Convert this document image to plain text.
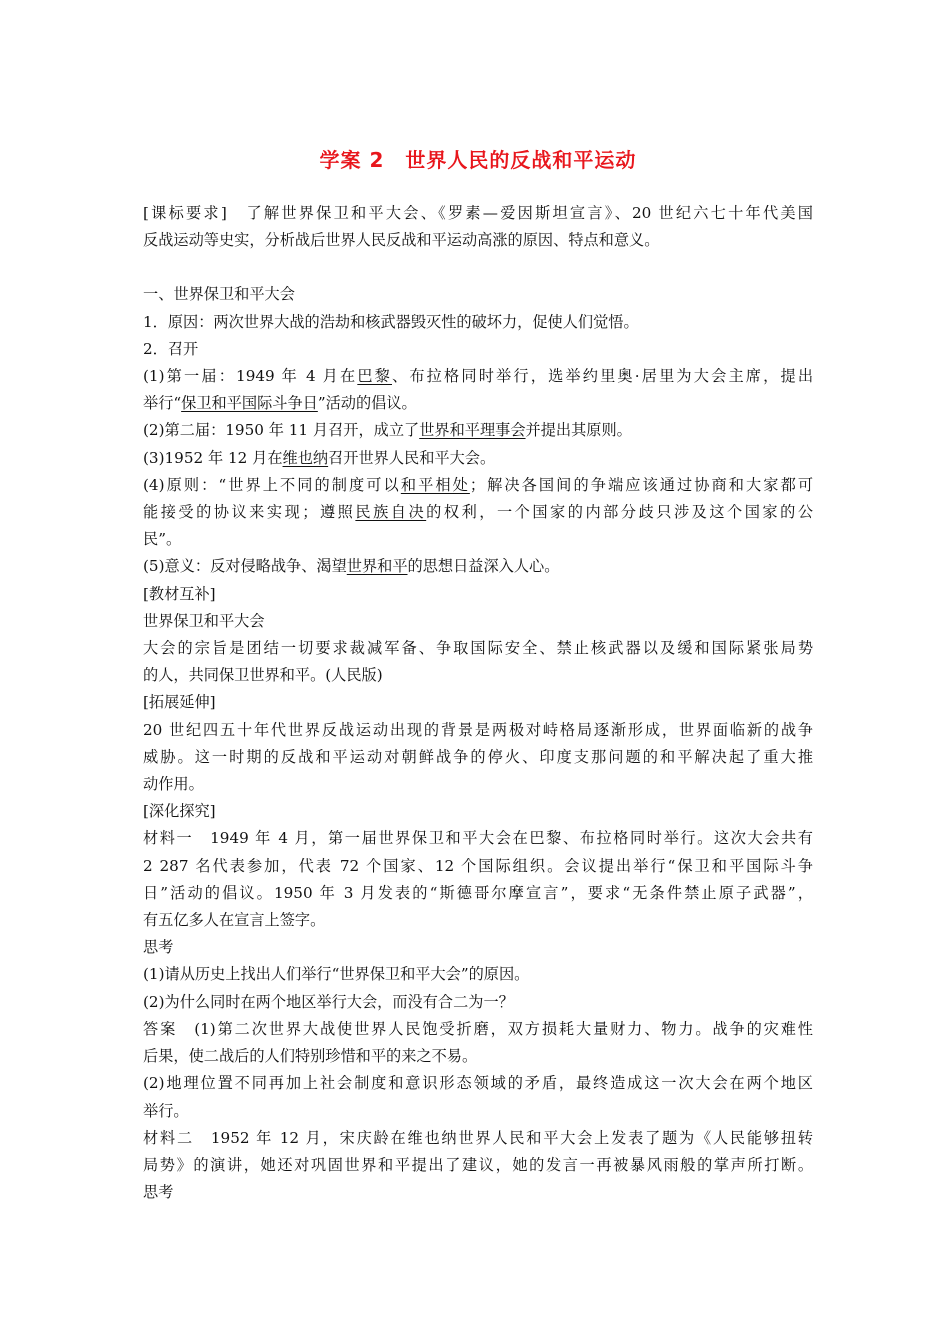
学案 2　世界人民的反战和平运动
[课标要求]　了解世界保卫和平大会、《罗素—爱因斯坦宣言》、20 世纪六七十年代美国
反战运动等史实，分析战后世界人民反战和平运动高涨的原因、特点和意义。
一、世界保卫和平大会
1．原因：两次世界大战的浩劫和核武器毁灭性的破坏力，促使人们觉悟。
2．召开
(1)第一届：1949 年 4 月在巴黎、布拉格同时举行，选举约里奥·居里为大会主席，提出
举行“保卫和平国际斗争日”活动的倡议。
(2)第二届：1950 年 11 月召开，成立了世界和平理事会并提出其原则。
(3)1952 年 12 月在维也纳召开世界人民和平大会。
(4)原则：“世界上不同的制度可以和平相处；解决各国间的争端应该通过协商和大家都可
能接受的协议来实现；遵照民族自决的权利，一个国家的内部分歧只涉及这个国家的公
民”。
(5)意义：反对侵略战争、渴望世界和平的思想日益深入人心。
[教材互补]
世界保卫和平大会
大会的宗旨是团结一切要求裁减军备、争取国际安全、禁止核武器以及缓和国际紧张局势
的人，共同保卫世界和平。(人民版)
[拓展延伸]
20 世纪四五十年代世界反战运动出现的背景是两极对峙格局逐渐形成，世界面临新的战争
威胁。这一时期的反战和平运动对朝鲜战争的停火、印度支那问题的和平解决起了重大推
动作用。
[深化探究]
材料一　1949 年 4 月，第一届世界保卫和平大会在巴黎、布拉格同时举行。这次大会共有
2 287 名代表参加，代表 72 个国家、12 个国际组织。会议提出举行“保卫和平国际斗争
日”活动的倡议。1950 年 3 月发表的“斯德哥尔摩宣言”，要求“无条件禁止原子武器”，
有五亿多人在宣言上签字。
思考
(1)请从历史上找出人们举行“世界保卫和平大会”的原因。
(2)为什么同时在两个地区举行大会，而没有合二为一？
答案　(1)第二次世界大战使世界人民饱受折磨，双方损耗大量财力、物力。战争的灾难性
后果，使二战后的人们特别珍惜和平的来之不易。
(2)地理位置不同再加上社会制度和意识形态领域的矛盾，最终造成这一次大会在两个地区
举行。
材料二　1952 年 12 月，宋庆龄在维也纳世界人民和平大会上发表了题为《人民能够扭转
局势》的演讲，她还对巩固世界和平提出了建议，她的发言一再被暴风雨般的掌声所打断。
思考
